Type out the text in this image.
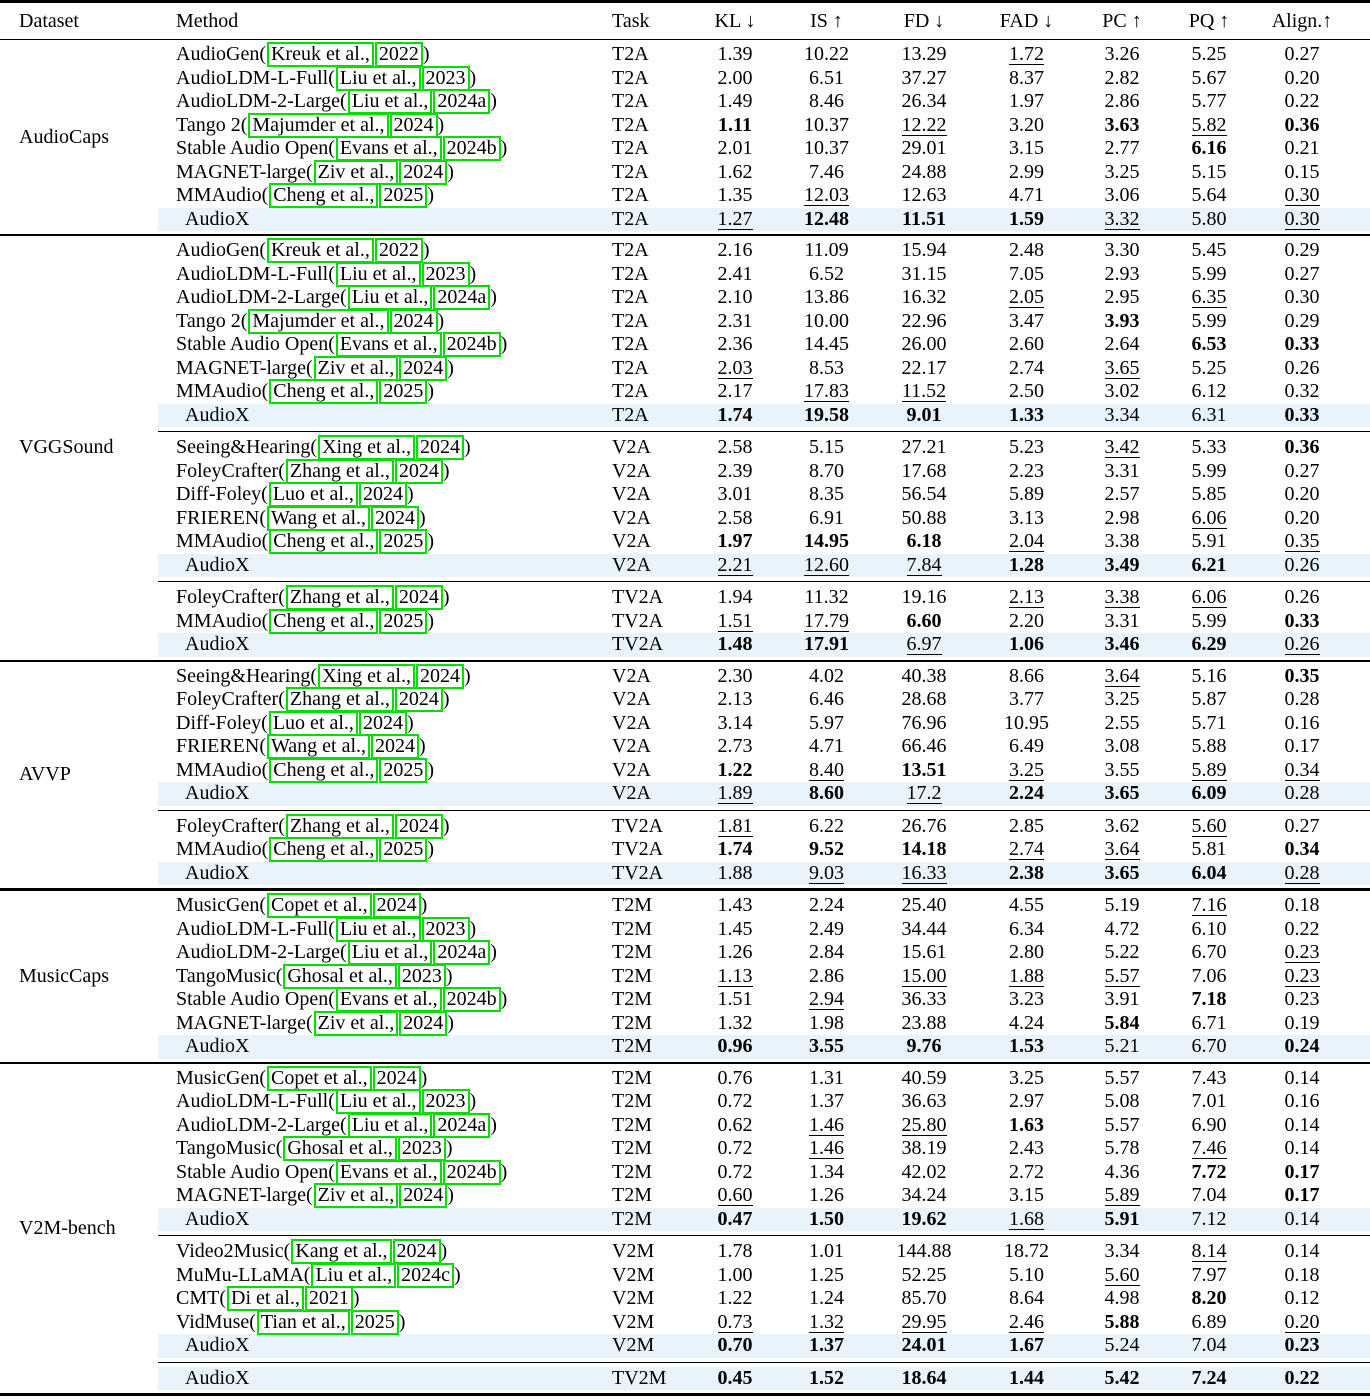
Dataset	Method	Task	KL ↓	IS ↑	FD ↓	FAD ↓	PC ↑	PQ ↑	Align.↑
AudioCaps
AudioGen( Kreuk et al., 2022 )	T2A	1.39	10.22	13.29	1.72	3.26	5.25	0.27
AudioLDM-L-Full( Liu et al., 2023 )	T2A	2.00	6.51	37.27	8.37	2.82	5.67	0.20
AudioLDM-2-Large( Liu et al., 2024a )	T2A	1.49	8.46	26.34	1.97	2.86	5.77	0.22
Tango 2( Majumder et al., 2024 )	T2A	1.11	10.37	12.22	3.20	3.63	5.82	0.36
Stable Audio Open( Evans et al., 2024b )	T2A	2.01	10.37	29.01	3.15	2.77	6.16	0.21
MAGNET-large( Ziv et al., 2024 )	T2A	1.62	7.46	24.88	2.99	3.25	5.15	0.15
MMAudio( Cheng et al., 2025 )	T2A	1.35	12.03	12.63	4.71	3.06	5.64	0.30
AudioX	T2A	1.27	12.48	11.51	1.59	3.32	5.80	0.30
VGGSound
AudioGen( Kreuk et al., 2022 )	T2A	2.16	11.09	15.94	2.48	3.30	5.45	0.29
AudioLDM-L-Full( Liu et al., 2023 )	T2A	2.41	6.52	31.15	7.05	2.93	5.99	0.27
AudioLDM-2-Large( Liu et al., 2024a )	T2A	2.10	13.86	16.32	2.05	2.95	6.35	0.30
Tango 2( Majumder et al., 2024 )	T2A	2.31	10.00	22.96	3.47	3.93	5.99	0.29
Stable Audio Open( Evans et al., 2024b )	T2A	2.36	14.45	26.00	2.60	2.64	6.53	0.33
MAGNET-large( Ziv et al., 2024 )	T2A	2.03	8.53	22.17	2.74	3.65	5.25	0.26
MMAudio( Cheng et al., 2025 )	T2A	2.17	17.83	11.52	2.50	3.02	6.12	0.32
AudioX	T2A	1.74	19.58	9.01	1.33	3.34	6.31	0.33
Seeing&Hearing( Xing et al., 2024 )	V2A	2.58	5.15	27.21	5.23	3.42	5.33	0.36
FoleyCrafter( Zhang et al., 2024 )	V2A	2.39	8.70	17.68	2.23	3.31	5.99	0.27
Diff-Foley( Luo et al., 2024 )	V2A	3.01	8.35	56.54	5.89	2.57	5.85	0.20
FRIEREN( Wang et al., 2024 )	V2A	2.58	6.91	50.88	3.13	2.98	6.06	0.20
MMAudio( Cheng et al., 2025 )	V2A	1.97	14.95	6.18	2.04	3.38	5.91	0.35
AudioX	V2A	2.21	12.60	7.84	1.28	3.49	6.21	0.26
FoleyCrafter( Zhang et al., 2024 )	TV2A	1.94	11.32	19.16	2.13	3.38	6.06	0.26
MMAudio( Cheng et al., 2025 )	TV2A	1.51	17.79	6.60	2.20	3.31	5.99	0.33
AudioX	TV2A	1.48	17.91	6.97	1.06	3.46	6.29	0.26
AVVP
Seeing&Hearing( Xing et al., 2024 )	V2A	2.30	4.02	40.38	8.66	3.64	5.16	0.35
FoleyCrafter( Zhang et al., 2024 )	V2A	2.13	6.46	28.68	3.77	3.25	5.87	0.28
Diff-Foley( Luo et al., 2024 )	V2A	3.14	5.97	76.96	10.95	2.55	5.71	0.16
FRIEREN( Wang et al., 2024 )	V2A	2.73	4.71	66.46	6.49	3.08	5.88	0.17
MMAudio( Cheng et al., 2025 )	V2A	1.22	8.40	13.51	3.25	3.55	5.89	0.34
AudioX	V2A	1.89	8.60	17.2	2.24	3.65	6.09	0.28
FoleyCrafter( Zhang et al., 2024 )	TV2A	1.81	6.22	26.76	2.85	3.62	5.60	0.27
MMAudio( Cheng et al., 2025 )	TV2A	1.74	9.52	14.18	2.74	3.64	5.81	0.34
AudioX	TV2A	1.88	9.03	16.33	2.38	3.65	6.04	0.28
MusicCaps
MusicGen( Copet et al., 2024 )	T2M	1.43	2.24	25.40	4.55	5.19	7.16	0.18
AudioLDM-L-Full( Liu et al., 2023 )	T2M	1.45	2.49	34.44	6.34	4.72	6.10	0.22
AudioLDM-2-Large( Liu et al., 2024a )	T2M	1.26	2.84	15.61	2.80	5.22	6.70	0.23
TangoMusic( Ghosal et al., 2023 )	T2M	1.13	2.86	15.00	1.88	5.57	7.06	0.23
Stable Audio Open( Evans et al., 2024b )	T2M	1.51	2.94	36.33	3.23	3.91	7.18	0.23
MAGNET-large( Ziv et al., 2024 )	T2M	1.32	1.98	23.88	4.24	5.84	6.71	0.19
AudioX	T2M	0.96	3.55	9.76	1.53	5.21	6.70	0.24
V2M-bench
MusicGen( Copet et al., 2024 )	T2M	0.76	1.31	40.59	3.25	5.57	7.43	0.14
AudioLDM-L-Full( Liu et al., 2023 )	T2M	0.72	1.37	36.63	2.97	5.08	7.01	0.16
AudioLDM-2-Large( Liu et al., 2024a )	T2M	0.62	1.46	25.80	1.63	5.57	6.90	0.14
TangoMusic( Ghosal et al., 2023 )	T2M	0.72	1.46	38.19	2.43	5.78	7.46	0.14
Stable Audio Open( Evans et al., 2024b )	T2M	0.72	1.34	42.02	2.72	4.36	7.72	0.17
MAGNET-large( Ziv et al., 2024 )	T2M	0.60	1.26	34.24	3.15	5.89	7.04	0.17
AudioX	T2M	0.47	1.50	19.62	1.68	5.91	7.12	0.14
Video2Music( Kang et al., 2024 )	V2M	1.78	1.01	144.88	18.72	3.34	8.14	0.14
MuMu-LLaMA( Liu et al., 2024c )	V2M	1.00	1.25	52.25	5.10	5.60	7.97	0.18
CMT( Di et al., 2021 )	V2M	1.22	1.24	85.70	8.64	4.98	8.20	0.12
VidMuse( Tian et al., 2025 )	V2M	0.73	1.32	29.95	2.46	5.88	6.89	0.20
AudioX	V2M	0.70	1.37	24.01	1.67	5.24	7.04	0.23
AudioX	TV2M	0.45	1.52	18.64	1.44	5.42	7.24	0.22
